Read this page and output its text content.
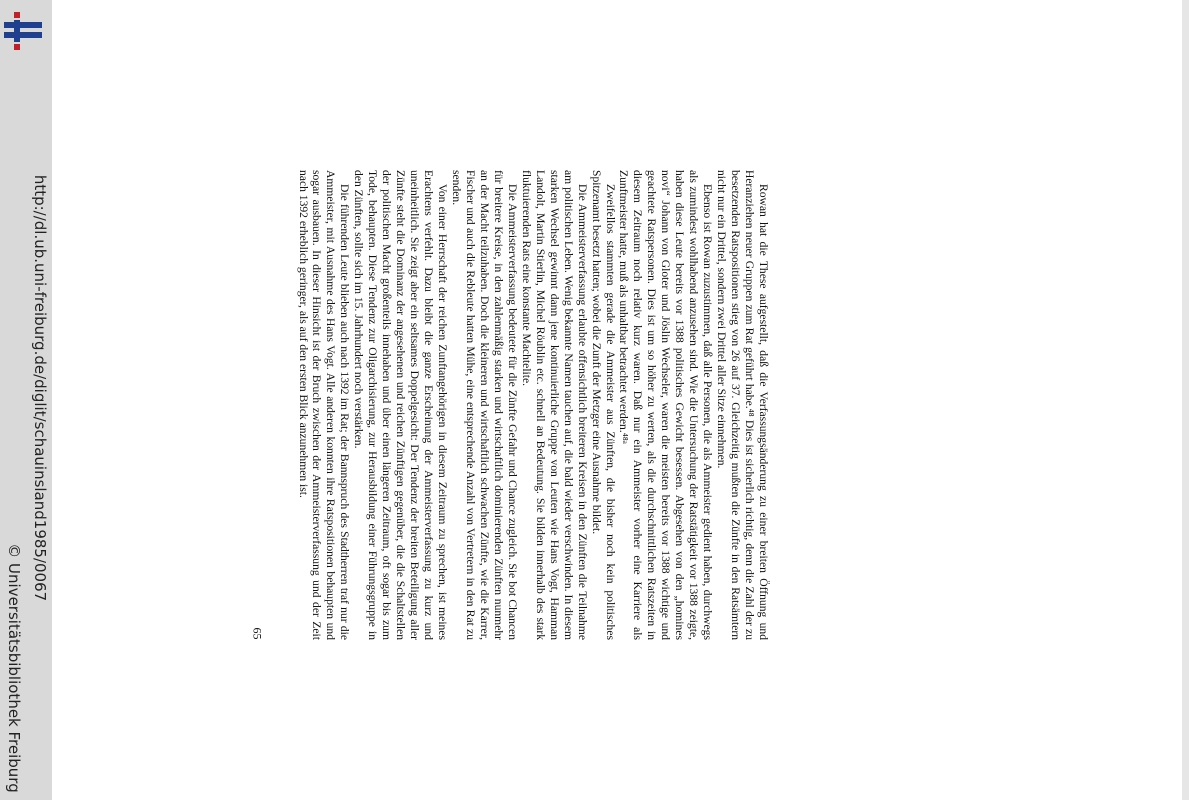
http://dl.ub.uni-freiburg.de/diglit/schauinsland1985/0067
© Universitätsbibliothek Freiburg

Rowan hat die These aufgestellt, daß die Verfassungsänderung zu einer breiten Öffnung und Heranziehen neuer Gruppen zum Rat geführt habe.⁴⁸ Dies ist sicherlich richtig, denn die Zahl der zu besetzenden Ratspositionen stieg von 26 auf 37. Gleichzeitig mußten die Zünfte in den Ratsämtern nicht nur ein Drittel, sondern zwei Drittel aller Sitze einnehmen.

Ebenso ist Rowan zuzustimmen, daß alle Personen, die als Ammeister gedient haben, durchwegs als zumindest wohlhabend anzusehen sind. Wie die Untersuchung der Ratstätigkeit vor 1388 zeigte, haben diese Leute bereits vor 1388 politisches Gewicht besessen. Abgesehen von den „homines novi“ Johann von Gloter und Jöslin Wechseler, waren die meisten bereits vor 1388 wichtige und geachtete Ratspersonen. Dies ist um so höher zu werten, als die durchschnittlichen Ratszeiten in diesem Zeitraum noch relativ kurz waren. Daß nur ein Ammeister vorher eine Karriere als Zunftmeister hatte, muß als unhaltbar betrachtet werden.⁴⁸ᵃ

Zweifellos stammten gerade die Ammeister aus Zünften, die bisher noch kein politisches Spitzenamt besetzt hatten; wobei die Zunft der Metzger eine Ausnahme bildet.

Die Ammeisterverfassung erlaubte offensichtlich breiteren Kreisen in den Zünften die Teilnahme am politischen Leben. Wenig bekannte Namen tauchen auf, die bald wieder verschwinden. In diesem starken Wechsel gewinnt dann jene kontinuierliche Gruppe von Leuten wie Hans Vogt, Hamman Landolt, Martin Stierlin, Michel Röublin etc. schnell an Bedeutung. Sie bilden innerhalb des stark fluktuierenden Rats eine konstante Machtelite.

Die Ammeisterverfassung bedeutete für die Zünfte Gefahr und Chance zugleich. Sie bot Chancen für breitere Kreise, in den zahlenmäßig starken und wirtschaftlich dominierenden Zünften nunmehr an der Macht teilzuhaben. Doch die kleineren und wirtschaftlich schwachen Zünfte, wie die Karrer, Fischer und auch die Rebleute hatten Mühe, eine entsprechende Anzahl von Vertretern in den Rat zu senden.

Von einer Herrschaft der reichen Zunftangehörigen in diesem Zeitraum zu sprechen, ist meines Erachtens verfehlt. Dazu bleibt die ganze Erscheinung der Ammeisterverfassung zu kurz und uneinheitlich. Sie zeigt aber ein seltsames Doppelgesicht: Der Tendenz der breiten Beteiligung aller Zünfte steht die Dominanz der angesehenen und reichen Zünftigen gegenüber, die die Schaltstellen der politischen Macht großenteils innehaben und über einen längeren Zeitraum, oft sogar bis zum Tode, behaupten. Diese Tendenz zur Oligarchisierung, zur Herausbildung einer Führungsgruppe in den Zünften, sollte sich im 15. Jahrhundert noch verstärken.

Die führenden Leute blieben auch nach 1392 im Rat; der Bannspruch des Stadtherren traf nur die Ammeister, mit Ausnahme des Hans Vogt. Alle anderen konnten ihre Ratspositionen behaupten und sogar ausbauen. In dieser Hinsicht ist der Bruch zwischen der Ammeisterverfassung und der Zeit nach 1392 erheblich geringer, als auf den ersten Blick anzunehmen ist.

65
